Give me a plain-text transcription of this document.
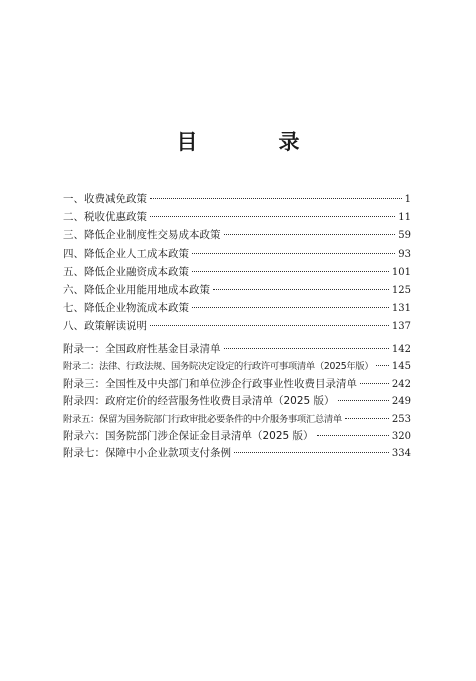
目　录
一、收费减免政策	1
二、税收优惠政策	11
三、降低企业制度性交易成本政策	59
四、降低企业人工成本政策	93
五、降低企业融资成本政策	101
六、降低企业用能用地成本政策	125
七、降低企业物流成本政策	131
八、政策解读说明	137
附录一：全国政府性基金目录清单	142
附录二：法律、行政法规、国务院决定设定的行政许可事项清单（2025年版） 145
附录三：全国性及中央部门和单位涉企行政事业性收费目录清单	242
附录四：政府定价的经营服务性收费目录清单（2025 版）	249
附录五：保留为国务院部门行政审批必要条件的中介服务事项汇总清单	253
附录六：国务院部门涉企保证金目录清单（2025 版）	320
附录七：保障中小企业款项支付条例	334
